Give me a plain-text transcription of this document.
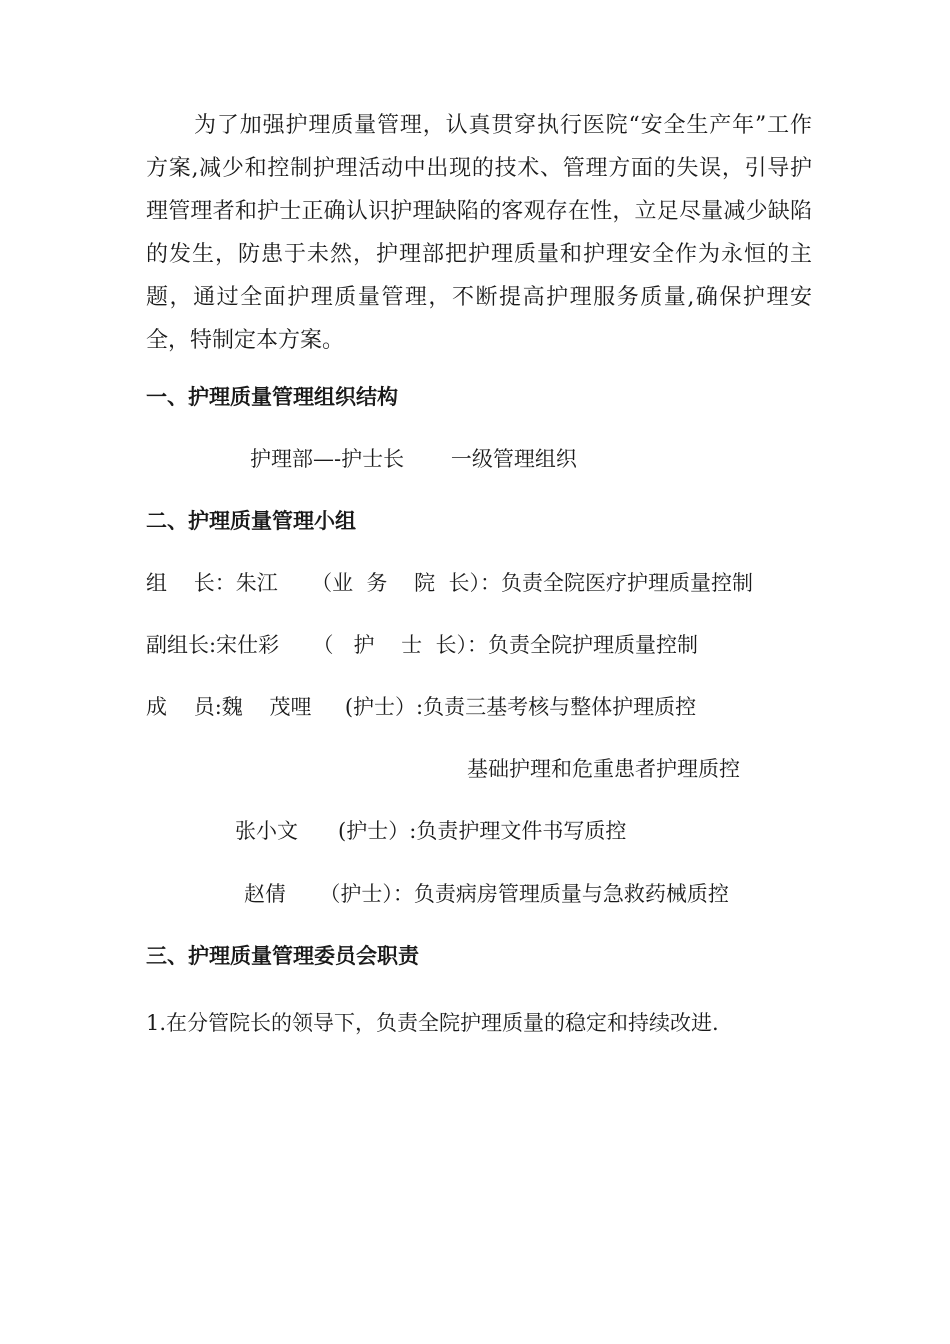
为了加强护理质量管理，认真贯穿执行医院“安全生产年”工作
方案,减少和控制护理活动中出现的技术、管理方面的失误，引导护
理管理者和护士正确认识护理缺陷的客观存在性，立足尽量减少缺陷
的发生，防患于未然，护理部把护理质量和护理安全作为永恒的主
题，通过全面护理质量管理，不断提高护理服务质量,确保护理安
全，特制定本方案。
一、护理质量管理组织结构
护理部—-护士长       一级管理组织
二、护理质量管理小组
组    长：朱江     （业  务    院  长）：负责全院医疗护理质量控制
副组长:宋仕彩     （   护    士  长）：负责全院护理质量控制
成    员:魏    茂哩     (护士）:负责三基考核与整体护理质控
基础护理和危重患者护理质控
张小文      (护士）:负责护理文件书写质控
赵倩     （护士）：负责病房管理质量与急救药械质控
三、护理质量管理委员会职责
1.在分管院长的领导下，负责全院护理质量的稳定和持续改进.
